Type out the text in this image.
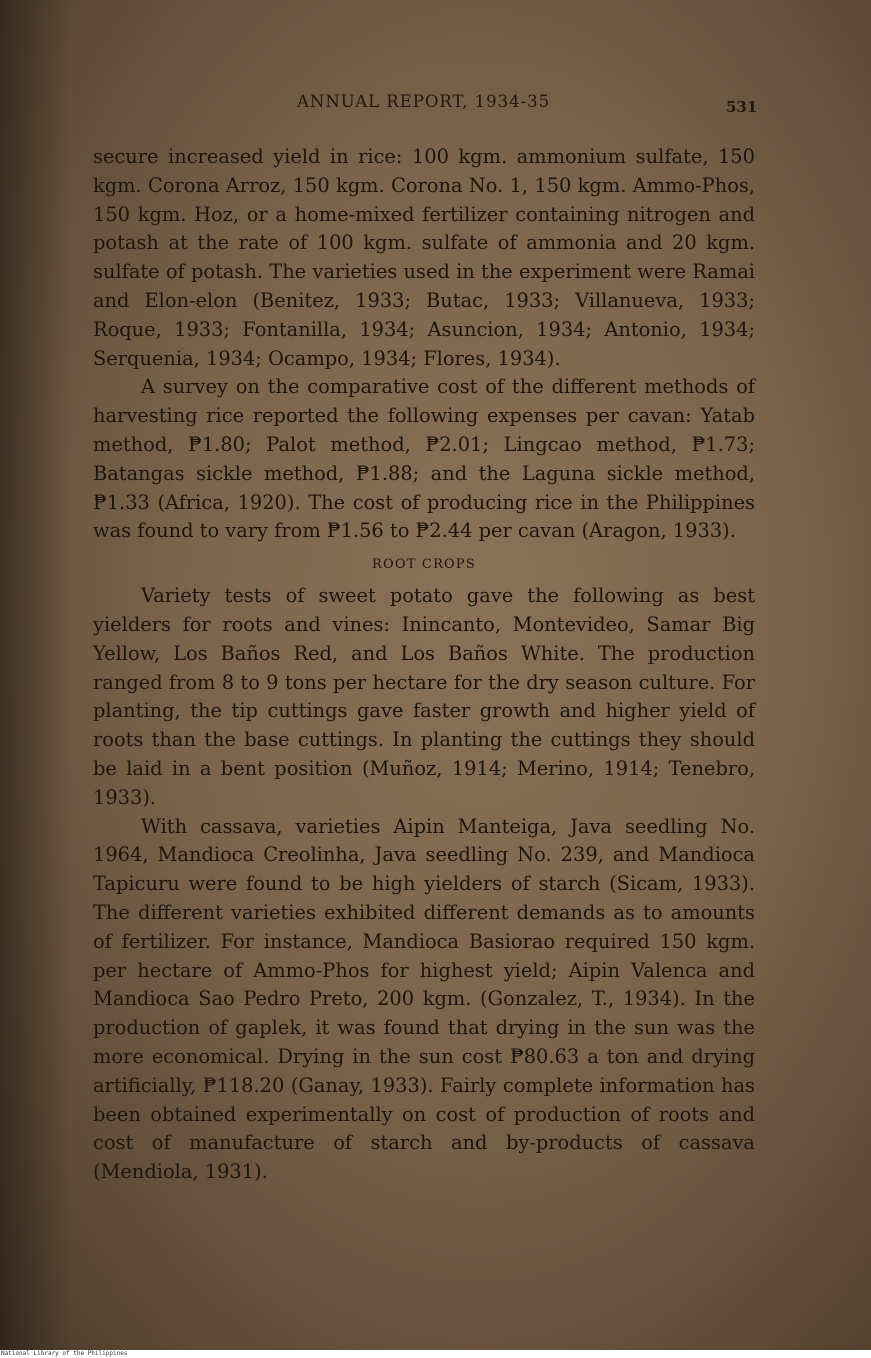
ANNUAL REPORT, 1934-35	531

secure increased yield in rice: 100 kgm. ammonium sulfate, 150 kgm. Corona Arroz, 150 kgm. Corona No. 1, 150 kgm. Ammo-Phos, 150 kgm. Hoz, or a home-mixed fertilizer containing nitrogen and potash at the rate of 100 kgm. sulfate of ammonia and 20 kgm. sulfate of potash. The varieties used in the experiment were Ramai and Elon-elon (Benitez, 1933; Butac, 1933; Villanueva, 1933; Roque, 1933; Fontanilla, 1934; Asuncion, 1934; Antonio, 1934; Serquenia, 1934; Ocampo, 1934; Flores, 1934).

A survey on the comparative cost of the different methods of harvesting rice reported the following expenses per cavan: Yatab method, ₱1.80; Palot method, ₱2.01; Lingcao method, ₱1.73; Batangas sickle method, ₱1.88; and the Laguna sickle method, ₱1.33 (Africa, 1920). The cost of producing rice in the Philippines was found to vary from ₱1.56 to ₱2.44 per cavan (Aragon, 1933).

ROOT CROPS

Variety tests of sweet potato gave the following as best yielders for roots and vines: Inincanto, Montevideo, Samar Big Yellow, Los Baños Red, and Los Baños White. The production ranged from 8 to 9 tons per hectare for the dry season culture. For planting, the tip cuttings gave faster growth and higher yield of roots than the base cuttings. In planting the cuttings they should be laid in a bent position (Muñoz, 1914; Merino, 1914; Tenebro, 1933).

With cassava, varieties Aipin Manteiga, Java seedling No. 1964, Mandioca Creolinha, Java seedling No. 239, and Mandioca Tapicuru were found to be high yielders of starch (Sicam, 1933). The different varieties exhibited different demands as to amounts of fertilizer. For instance, Mandioca Basiorao required 150 kgm. per hectare of Ammo-Phos for highest yield; Aipin Valenca and Mandioca Sao Pedro Preto, 200 kgm. (Gonzalez, T., 1934). In the production of gaplek, it was found that drying in the sun was the more economical. Drying in the sun cost ₱80.63 a ton and drying artificially, ₱118.20 (Ganay, 1933). Fairly complete information has been obtained experimentally on cost of production of roots and cost of manufacture of starch and by-products of cassava (Mendiola, 1931).

National Library of the Philippines
